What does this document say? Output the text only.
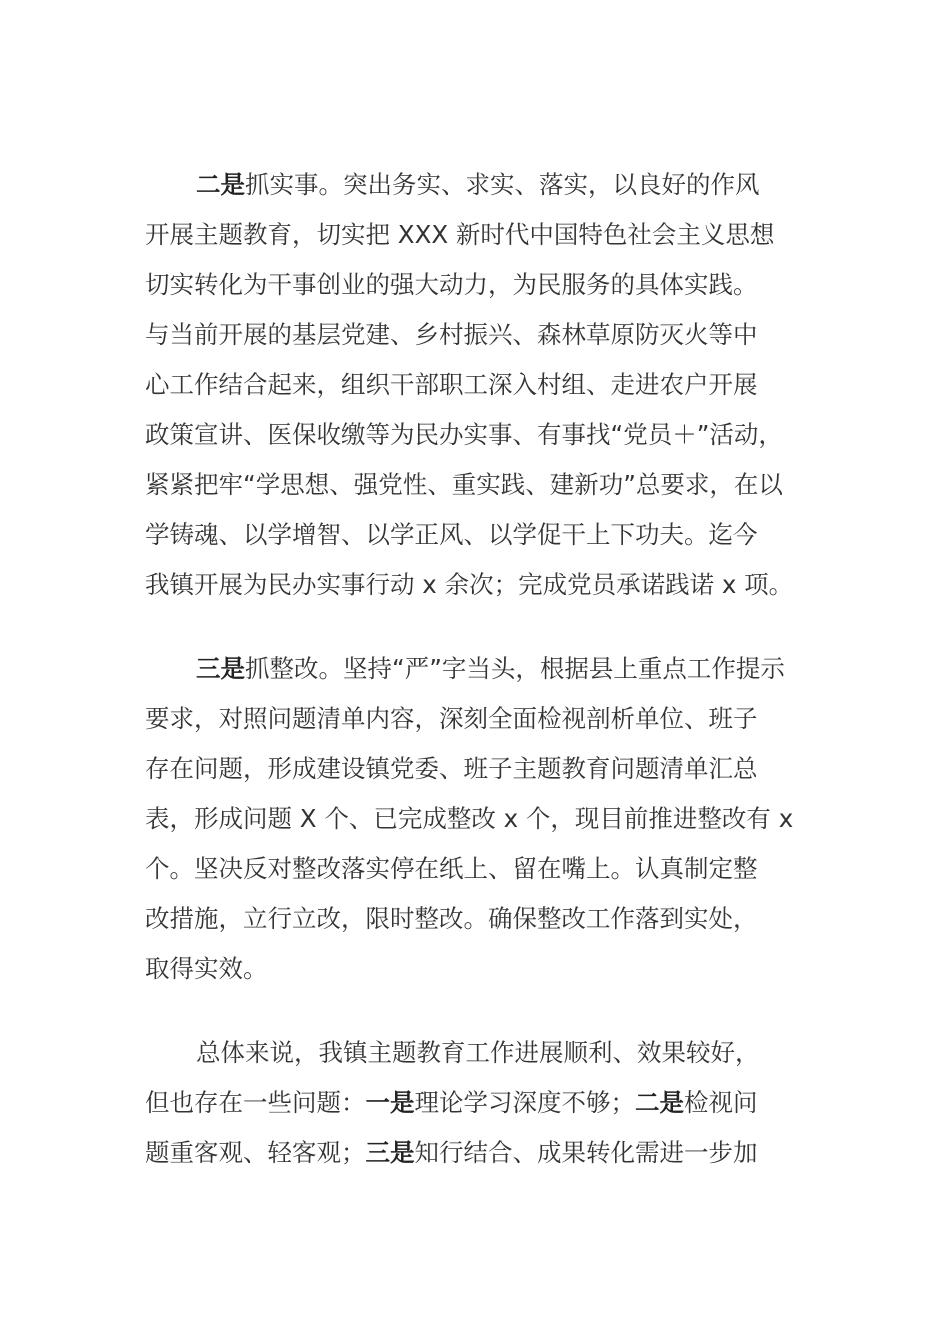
二是抓实事。突出务实、求实、落实，以良好的作风
开展主题教育，切实把 XXX 新时代中国特色社会主义思想
切实转化为干事创业的强大动力，为民服务的具体实践。
与当前开展的基层党建、乡村振兴、森林草原防灭火等中
心工作结合起来，组织干部职工深入村组、走进农户开展
政策宣讲、医保收缴等为民办实事、有事找“党员＋”活动，
紧紧把牢“学思想、强党性、重实践、建新功”总要求，在以
学铸魂、以学增智、以学正风、以学促干上下功夫。迄今
我镇开展为民办实事行动 x 余次；完成党员承诺践诺 x 项。

三是抓整改。坚持“严”字当头，根据县上重点工作提示
要求，对照问题清单内容，深刻全面检视剖析单位、班子
存在问题，形成建设镇党委、班子主题教育问题清单汇总
表，形成问题 X 个、已完成整改 x 个，现目前推进整改有 x
个。坚决反对整改落实停在纸上、留在嘴上。认真制定整
改措施，立行立改，限时整改。确保整改工作落到实处，
取得实效。

总体来说，我镇主题教育工作进展顺利、效果较好，
但也存在一些问题：一是理论学习深度不够；二是检视问
题重客观、轻客观；三是知行结合、成果转化需进一步加
